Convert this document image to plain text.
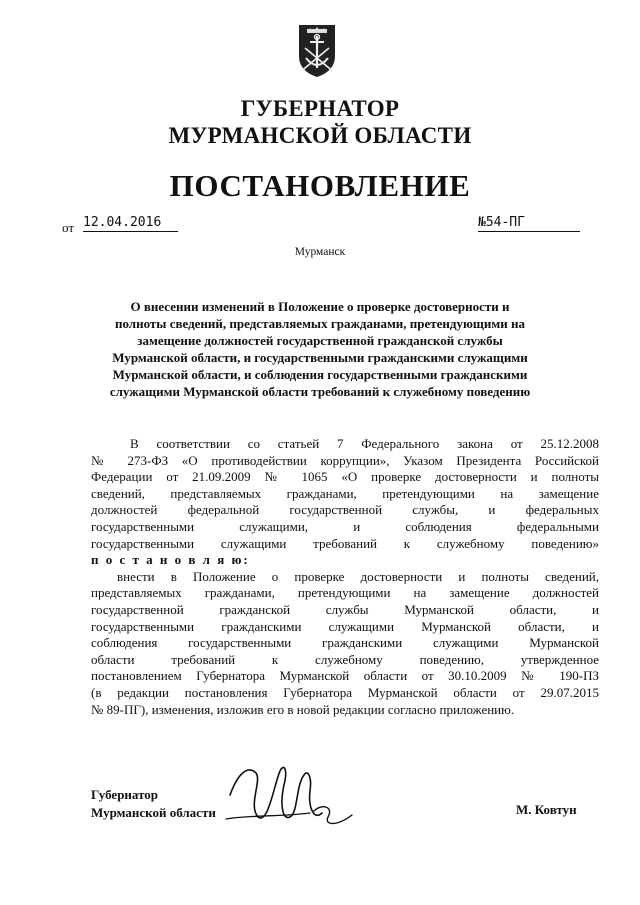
ГУБЕРНАТОР
МУРМАНСКОЙ ОБЛАСТИ
ПОСТАНОВЛЕНИЕ
от 12.04.2016	№54-ПГ
Мурманск
О внесении изменений в Положение о проверке достоверности и
полноты сведений, представляемых гражданами, претендующими на
замещение должностей государственной гражданской службы
Мурманской области, и государственными гражданскими служащими
Мурманской области, и соблюдения государственными гражданскими
служащими Мурманской области требований к служебному поведению
В соответствии со статьей 7 Федерального закона от 25.12.2008
№ 273-ФЗ «О противодействии коррупции», Указом Президента Российской
Федерации от 21.09.2009 № 1065 «О проверке достоверности и полноты
сведений, представляемых гражданами, претендующими на замещение
должностей федеральной государственной службы, и федеральных
государственными служащими, и соблюдения федеральными
государственными служащими требований к служебному поведению»
п о с т а н о в л я ю:
внести в Положение о проверке достоверности и полноты сведений,
представляемых гражданами, претендующими на замещение должностей
государственной гражданской службы Мурманской области, и
государственными гражданскими служащими Мурманской области, и
соблюдения государственными гражданскими служащими Мурманской
области требований к служебному поведению, утвержденное
постановлением Губернатора Мурманской области от 30.10.2009 № 190-ПЗ
(в редакции постановления Губернатора Мурманской области от 29.07.2015
№ 89-ПГ), изменения, изложив его в новой редакции согласно приложению.
Губернатор
Мурманской области	М. Ковтун
